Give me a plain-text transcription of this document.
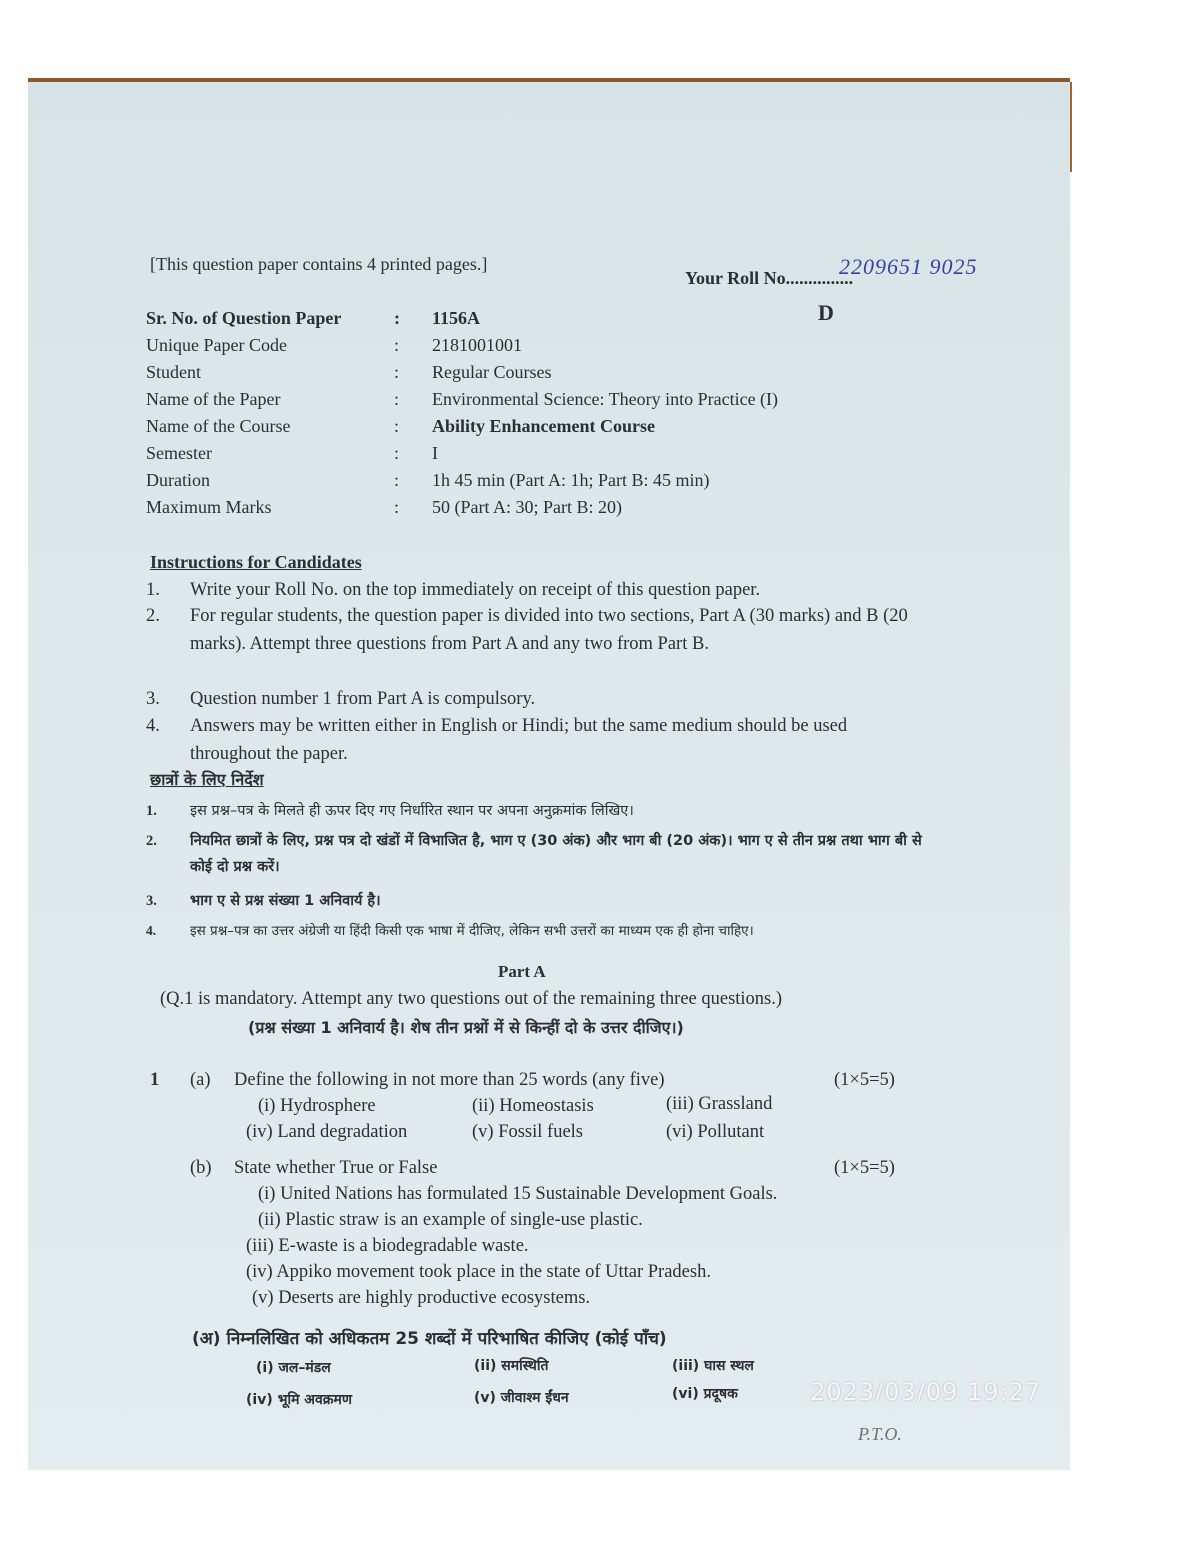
[This question paper contains 4 printed pages.]
Your Roll No...............
2209651 9025
D
Sr. No. of Question Paper	:	1156A
Unique Paper Code	:	2181001001
Student	:	Regular Courses
Name of the Paper	:	Environmental Science: Theory into Practice (I)
Name of the Course	:	Ability Enhancement Course
Semester	:	I
Duration	:	1h 45 min (Part A: 1h; Part B: 45 min)
Maximum Marks	:	50 (Part A: 30; Part B: 20)
Instructions for Candidates
1. Write your Roll No. on the top immediately on receipt of this question paper.
2. For regular students, the question paper is divided into two sections, Part A (30 marks) and B (20 marks). Attempt three questions from Part A and any two from Part B.
3. Question number 1 from Part A is compulsory.
4. Answers may be written either in English or Hindi; but the same medium should be used throughout the paper.
छात्रों के लिए निर्देश
1. इस प्रश्न–पत्र के मिलते ही ऊपर दिए गए निर्धारित स्थान पर अपना अनुक्रमांक लिखिए।
2. नियमित छात्रों के लिए, प्रश्न पत्र दो खंडों में विभाजित है, भाग ए (30 अंक) और भाग बी (20 अंक)। भाग ए से तीन प्रश्न तथा भाग बी से कोई दो प्रश्न करें।
3. भाग ए से प्रश्न संख्या 1 अनिवार्य है।
4.	इस प्रश्न–पत्र का उत्तर अंग्रेजी या हिंदी किसी एक भाषा में दीजिए, लेकिन सभी उत्तरों का माध्यम एक ही होना चाहिए।
Part A
(Q.1 is mandatory. Attempt any two questions out of the remaining three questions.)
(प्रश्न संख्या 1 अनिवार्य है। शेष तीन प्रश्नों में से किन्हीं दो के उत्तर दीजिए।)
1 (a) Define the following in not more than 25 words (any five)	(1×5=5)
(i) Hydrosphere	(ii) Homeostasis	(iii) Grassland
(iv) Land degradation	(v) Fossil fuels	(vi) Pollutant
(b) State whether True or False	(1×5=5)
(i) United Nations has formulated 15 Sustainable Development Goals.
(ii) Plastic straw is an example of single-use plastic.
(iii) E-waste is a biodegradable waste.
(iv) Appiko movement took place in the state of Uttar Pradesh.
(v) Deserts are highly productive ecosystems.
(अ) निम्नलिखित को अधिकतम 25 शब्दों में परिभाषित कीजिए (कोई पाँच)
(i) जल–मंडल	(ii) समस्थिति	(iii) घास स्थल
(iv) भूमि अवक्रमण	(v) जीवाश्म ईंधन	(vi) प्रदूषक	2023/03/09 19:27
P.T.O.
